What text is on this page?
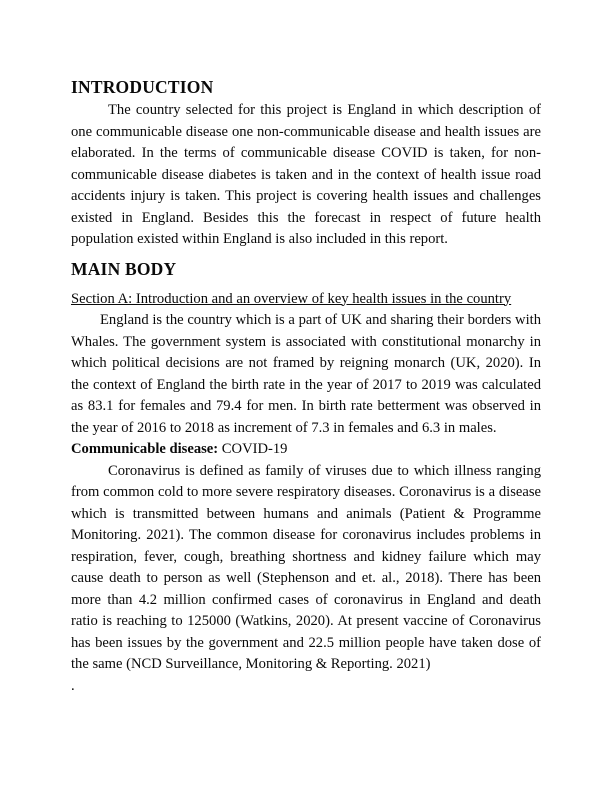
INTRODUCTION

The country selected for this project is England in which description of one communicable disease one non-communicable disease and health issues are elaborated. In the terms of communicable disease COVID is taken, for non-communicable disease diabetes is taken and in the context of health issue road accidents injury is taken. This project is covering health issues and challenges existed in England. Besides this the forecast in respect of future health population existed within England is also included in this report.

MAIN BODY

Section A: Introduction and an overview of key health issues in the country

England is the country which is a part of UK and sharing their borders with Whales. The government system is associated with constitutional monarchy in which political decisions are not framed by reigning monarch (UK, 2020). In the context of England the birth rate in the year of 2017 to 2019 was calculated as 83.1 for females and 79.4 for men. In birth rate betterment was observed in the year of 2016 to 2018 as increment of 7.3 in females and 6.3 in males.

Communicable disease: COVID-19

Coronavirus is defined as family of viruses due to which illness ranging from common cold to more severe respiratory diseases. Coronavirus is a disease which is transmitted between humans and animals (Patient & Programme Monitoring. 2021). The common disease for coronavirus includes problems in respiration, fever, cough, breathing shortness and kidney failure which may cause death to person as well (Stephenson and et. al., 2018). There has been more than 4.2 million confirmed cases of coronavirus in England and death ratio is reaching to 125000 (Watkins, 2020). At present vaccine of Coronavirus has been issues by the government and 22.5 million people have taken dose of the same (NCD Surveillance, Monitoring & Reporting. 2021)

.
